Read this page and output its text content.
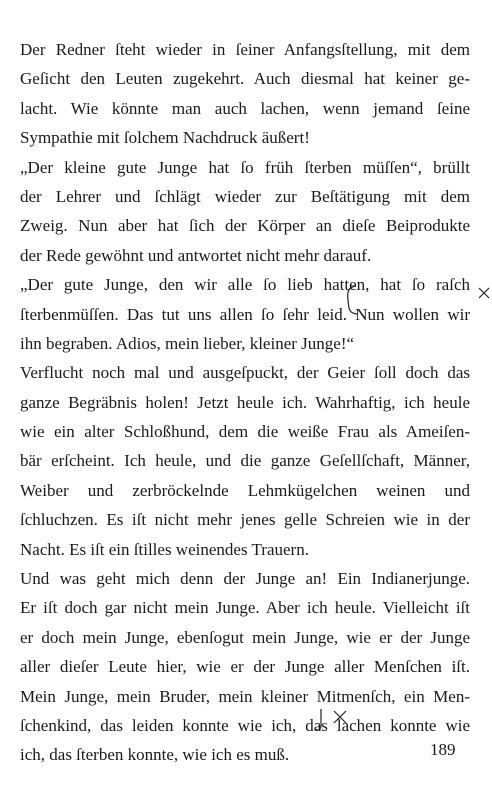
Der Redner ſteht wieder in ſeiner Anfangsſtellung, mit dem
Geſicht den Leuten zugekehrt. Auch diesmal hat keiner ge-
lacht. Wie könnte man auch lachen, wenn jemand ſeine
Sympathie mit ſolchem Nachdruck äußert!
„Der kleine gute Junge hat ſo früh ſterben müſſen“, brüllt
der Lehrer und ſchlägt wieder zur Beſtätigung mit dem
Zweig. Nun aber hat ſich der Körper an dieſe Beiprodukte
der Rede gewöhnt und antwortet nicht mehr darauf.
„Der gute Junge, den wir alle ſo lieb hatten, hat ſo raſch
ſterbenmüſſen. Das tut uns allen ſo ſehr leid. Nun wollen wir
ihn begraben. Adios, mein lieber, kleiner Junge!“
Verflucht noch mal und ausgeſpuckt, der Geier ſoll doch das
ganze Begräbnis holen! Jetzt heule ich. Wahrhaftig, ich heule
wie ein alter Schloßhund, dem die weiße Frau als Ameiſen-
bär erſcheint. Ich heule, und die ganze Geſellſchaft, Männer,
Weiber und zerbröckelnde Lehmkügelchen weinen und
ſchluchzen. Es iſt nicht mehr jenes gelle Schreien wie in der
Nacht. Es iſt ein ſtilles weinendes Trauern.
Und was geht mich denn der Junge an! Ein Indianerjunge.
Er iſt doch gar nicht mein Junge. Aber ich heule. Vielleicht iſt
er doch mein Junge, ebenſogut mein Junge, wie er der Junge
aller dieſer Leute hier, wie er der Junge aller Menſchen iſt.
Mein Junge, mein Bruder, mein kleiner Mitmenſch, ein Men-
ſchenkind, das leiden konnte wie ich, das lachen konnte wie
ich, das ſterben konnte, wie ich es muß.	189
